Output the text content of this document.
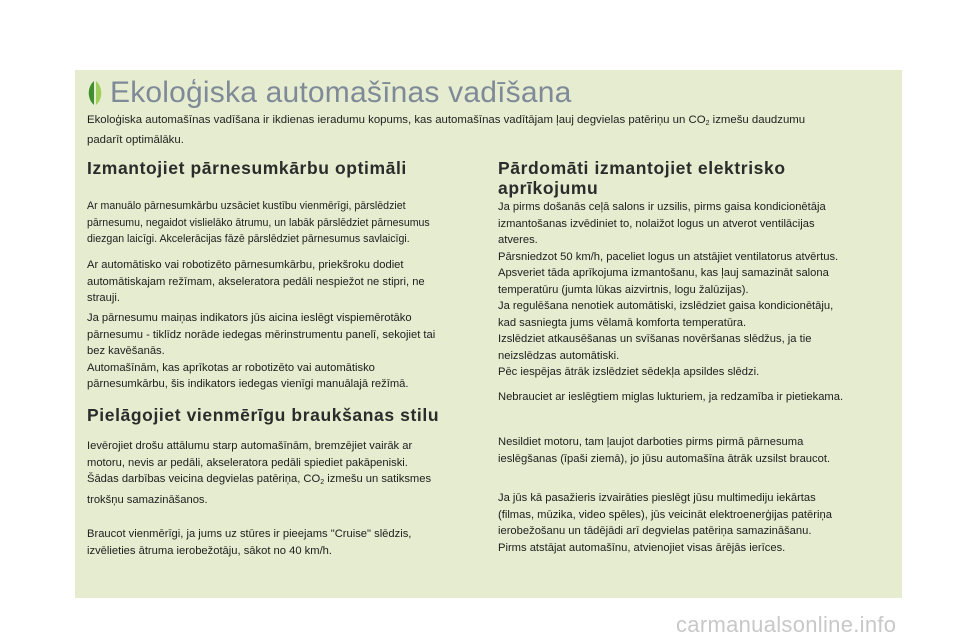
Ekoloģiska automašīnas vadīšana
Ekoloģiska automašīnas vadīšana ir ikdienas ieradumu kopums, kas automašīnas vadītājam ļauj degvielas patēriņu un $CO_2$ izmešu daudzumu
padarīt optimālāku.
Izmantojiet pārnesumkārbu optimāli
Ar manuālo pārnesumkārbu uzsāciet kustību vienmērīgi, pārslēdziet
pārnesumu, negaidot vislielāko ātrumu, un labāk pārslēdziet pārnesumus
diezgan laicīgi. Akcelerācijas fāzē pārslēdziet pārnesumus savlaicīgi.
Ar automātisko vai robotizēto pārnesumkārbu, priekšroku dodiet
automātiskajam režīmam, akseleratora pedāli nespiežot ne stipri, ne
strauji.
Ja pārnesumu maiņas indikators jūs aicina ieslēgt vispiemērotāko
pārnesumu - tiklīdz norāde iedegas mērinstrumentu panelī, sekojiet tai
bez kavēšanās.
Automašīnām, kas aprīkotas ar robotizēto vai automātisko
pārnesumkārbu, šis indikators iedegas vienīgi manuālajā režīmā.
Pielāgojiet vienmērīgu braukšanas stilu
Ievērojiet drošu attālumu starp automašīnām, bremzējiet vairāk ar
motoru, nevis ar pedāli, akseleratora pedāli spiediet pakāpeniski.
Šādas darbības veicina degvielas patēriņa, $CO_2$ izmešu un satiksmes
trokšņu samazināšanos.
Braucot vienmērīgi, ja jums uz stūres ir pieejams "Cruise" slēdzis,
izvēlieties ātruma ierobežotāju, sākot no 40 km/h.
Pārdomāti izmantojiet elektrisko
aprīkojumu
Ja pirms došanās ceļā salons ir uzsilis, pirms gaisa kondicionētāja
izmantošanas izvēdiniet to, nolaižot logus un atverot ventilācijas
atveres.
Pārsniedzot 50 km/h, paceliet logus un atstājiet ventilatorus atvērtus.
Apsveriet tāda aprīkojuma izmantošanu, kas ļauj samazināt salona
temperatūru (jumta lūkas aizvirtnis, logu žalūzijas).
Ja regulēšana nenotiek automātiski, izslēdziet gaisa kondicionētāju,
kad sasniegta jums vēlamā komforta temperatūra.
Izslēdziet atkausēšanas un svīšanas novēršanas slēdžus, ja tie
neizslēdzas automātiski.
Pēc iespējas ātrāk izslēdziet sēdekļa apsildes slēdzi.
Nebrauciet ar ieslēgtiem miglas lukturiem, ja redzamība ir pietiekama.
Nesildiet motoru, tam ļaujot darboties pirms pirmā pārnesuma
ieslēgšanas (īpaši ziemā), jo jūsu automašīna ātrāk uzsilst braucot.
Ja jūs kā pasažieris izvairāties pieslēgt jūsu multimediju iekārtas
(filmas, mūzika, video spēles), jūs veicināt elektroenerģijas patēriņa
ierobežošanu un tādējādi arī degvielas patēriņa samazināšanu.
Pirms atstājat automašīnu, atvienojiet visas ārējās ierīces.
carmanualsonline.info
